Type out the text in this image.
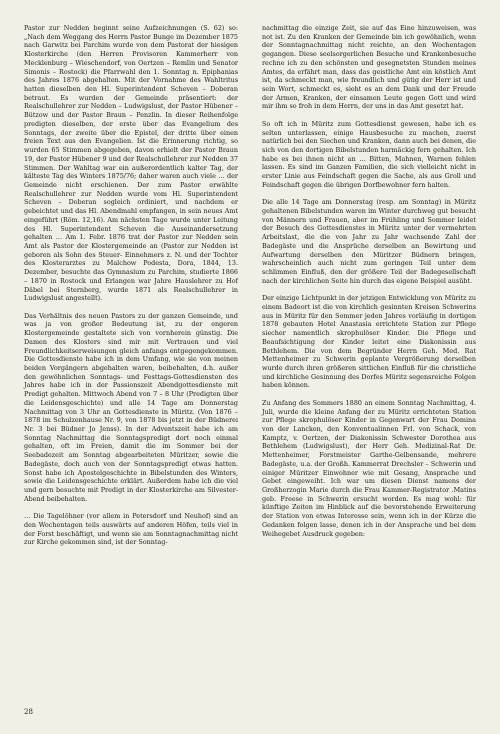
Pastor zur Nedden beginnt seine Aufzeichnungen (S. 62) so: „Nach dem Weggang des Herrn Pastor Bunge im Dezember 1875 nach Garwitz bei Parchim wurde von dem Pastorat der hiesigen Klosterkirche (den Herren Provisoren Kammerherr von Mecklenburg – Wieschendorf, von Oertzen – Remlin und Senator Simonis – Rostock) die Pfarrwahl den 1. Sonntag n. Epiphanias des Jahres 1876 abgehalten. Mit der Vornahme des Wahltritus hatten dieselben den Hl. Superintendent Scheven – Doberan betraut. Es wurden der Gemeinde präsentiert: der Realschullehrer zur Nedden – Ludwigslust, der Pastor Hübener – Bützow und der Pastor Braun – Penzlin. In dieser Reihenfolge predigten dieselben, der erste über das Evangelium des Sonntags, der zweite über die Epistel, der dritte über einen freien Text aus den Evangelien. Ist die Erinnerung richtig, so wurden 65 Stimmen abgegeben, davon erhielt der Pastor Braun 19, der Pastor Hübener 9 und der Realschullehrer zur Nedden 37 Stimmen. Der Wahltag war ein außerordentlich kalter Tag, der kälteste Tag des Winters 1875/76; daher waren auch viele … der Gemeinde nicht erschienen. Der zum Pastor erwählte Realschullehrer zur Nedden wurde vom Hl. Superintendent Scheven – Doberan sogleich ordiniert, und nachdem er gebeichtet und das Hl. Abendmahl empfangen, in sein neues Amt eingeführt (Röm. 12,16). Am nächsten Tage wurde unter Leitung des Hl. Superintendent Scheven die Auseinandersetzung gehalten … Am 1. Febr. 1876 trat der Pastor zur Nedden sein Amt als Pastor der Klostergemeinde an (Pastor zur Nedden ist geboren als Sohn des Steuer- Einnehmers z. N. und der Tochter des Klosterarztes zu Malchow Podesta, Dora, 1844, 13. Dezember, besuchte das Gymnasium zu Parchim, studierte 1866 – 1870 in Rostock und Erlangen war Jahre Hauslehrer zu Hof Dâbel bei Sternberg, wurde 1871 als Realschullehrer in Ludwigslust angestellt).

Das Verhältnis des neuen Pastors zu der ganzen Gemeinde, und was ja von großer Bedeutung ist, zu der engeren Klostergemeinde gestaltete sich von vornherein günstig. Die Damen des Klosters sind mir mit Vertrauen und viel Freundlichkeitserweisungen gleich anfangs entgegengekommen. Die Gottesdienste habe ich in dem Umfang, wie sie von meinen beiden Vorgängern abgehalten waren, beibehalten, d.h. außer den gewöhnlichen Sonntags- und Festtags-Gottesdiensten des Jahres habe ich in der Passionszeit Abendgottesdienste mit Predigt gehalten. Mittwoch Abend von 7 – 8 Uhr (Predigten über die Leidensgeschichte) und alle 14 Tage am Donnerstag Nachmittag von 3 Uhr an Gottesdienste in Müritz. (Von 1876 – 1878 im Schulzenhause Nr. 9, von 1878 bis jetzt in der Büdnerei Nr. 3 bei Büdner Jo Jenss). In der Adventszeit habe ich am Sonntag Nachmittag die Sonntagspredigt dort noch einmal gehalten, oft im Freien, damit die im Sommer bei der Seebadezeit am Sonntag abgearbeiteten Müritzer, sowie die Badegäste, doch auch von der Sonntagspredigt etwas hatten. Sonst habe ich Apostelgeschichte in Bibelstunden des Winters, sowie die Leidensgeschichte erklärt. Außerdem habe ich die viel und gern besuchte mit Predigt in der Klosterkirche am Silvester-Abend beibehalten.

… Die Tagelöhner (vor allem in Petersdorf und Neuhof) sind an den Wochentagen teils auswärts auf anderen Höfen, teils viel in der Forst beschäftigt, und wenn sie am Sonntagnachmittag nicht zur Kirche gekommen sind, ist der Sonntag-

nachmittag die einzige Zeit, sie auf das Eine hinzuweisen, was not ist. Zu den Kranken der Gemeinde bin ich gewöhnlich, wenn der Sonntagnachmittag nicht reichte, an den Wochentagen gegangen. Diese seelsorgerlichen Besuche und Krankenbesuche rechne ich zu den schönsten und gesegnetsten Stunden meines Amtes, da erfährt man, dass das geistliche Amt ein köstlich Amt ist, da schmeckt man, wie freundlich und gütig der Herr ist und sein Wort, schmeckt es, sieht es an dem Dank und der Freude der Armen, Kranken, der einsamen Leute gegen Gott und wird mir ihm so froh in dem Herrn, der uns in das Amt gesetzt hat.

So oft ich in Müritz zum Gottesdienst gewesen, habe ich es selten unterlassen, einige Hausbesuche zu machen, zuerst natürlich bei den Siechen und Kranken, dann auch bei denen, die sich von den dortigen Bibelstunden harmäckig fern gehalten. Ich habe es bei ihnen nicht an … Bitten, Mahnen, Warnen fehlen lassen. Es sind im Ganzen Familien, die sich vielleicht nicht in erster Linie aus Feindschaft gegen die Sache, als aus Groll und Feindschaft gegen die übrigen Dorfbewohner fern halten.

Die alle 14 Tage am Donnerstag (resp. am Sonntag) in Müritz gehaltenen Bibelstunden waren im Winter durchweg gut besucht von Männern und Frauen, aber im Frühling und Sommer leidet der Besuch des Gottesdienstes in Müritz unter der vermehrten Arbeitslast, die die von Jahr zu Jahr wachsende Zahl der Badegäste und die Ansprüche derselben an Bewirtung und Aufwartung derselben den Müritzer Büdnern bringen, wahrscheinlich auch nicht zum geringen Teil unter dem schlimmen Einfluß, den der größere Teil der Badegesellschaft nach der kirchlichen Seite hin durch das eigene Beispiel ausübt.

Der einzige Lichtpunkt in der jetzigen Entwicklung von Müritz zu einem Badeort ist die von kirchlich gesinnten Kreisen Schwerins aus in Müritz für den Sommer jeden Jahres vorläufig in dortigen 1878 gebauten Hotel Anastasia errichtete Station zur Pflege siecher namentlich skrophulöser Kinder. Die Pflege und Beaufsichtigung der Kinder leitet eine Diakonissin aus Bethlehem. Die von dem Begründer Herrn Geh. Med. Rat Mettenheimer zu Schwerin geplante Vergrößerung derselben wurde durch ihren größeren sittlichen Einfluß für die christliche und kirchliche Gesinnung des Dorfes Müritz segensreiche Folgen haben können.

Zu Anfang des Sommers 1880 an einem Sonntag Nachmittag, 4. Juli, wurde die kleine Anfang der zu Müritz errichteten Station zur Pflege skrophulöser Kinder in Gegenwart der Frau Domina von der Lancken, den Konventualinnen Frl. von Schack, von Kamptz, v. Oertzen, der Diakonissin Schwester Dorothea aus Bethlehem (Ludwigslust), der Herr Geh. Medizinal-Rat Dr. Mettenheimer, Forstmeister Garthe-Gelbensande, mehrere Badegäste, u.a. der Großh. Kammerrat Drechsler – Schwerin und einiger Müritzer Einwohner wie mit Gesang, Ansprache und Gebet eingeweiht. Ich war um diesen Dienst namens der Großherzogin Marie durch die Frau Kammer-Registrator .Matins geb. Freese in Schwerin ersucht worden. Es mag wohl: für künftige Zeiten im Hinblick auf die bevorstehende Erweiterung der Station von etwas Interesse sein, wenn ich in der Kürze die Gedanken folgen lasse, denen ich in der Ansprache und bei dem Weihegebet Ausdruck gegeben:

28
